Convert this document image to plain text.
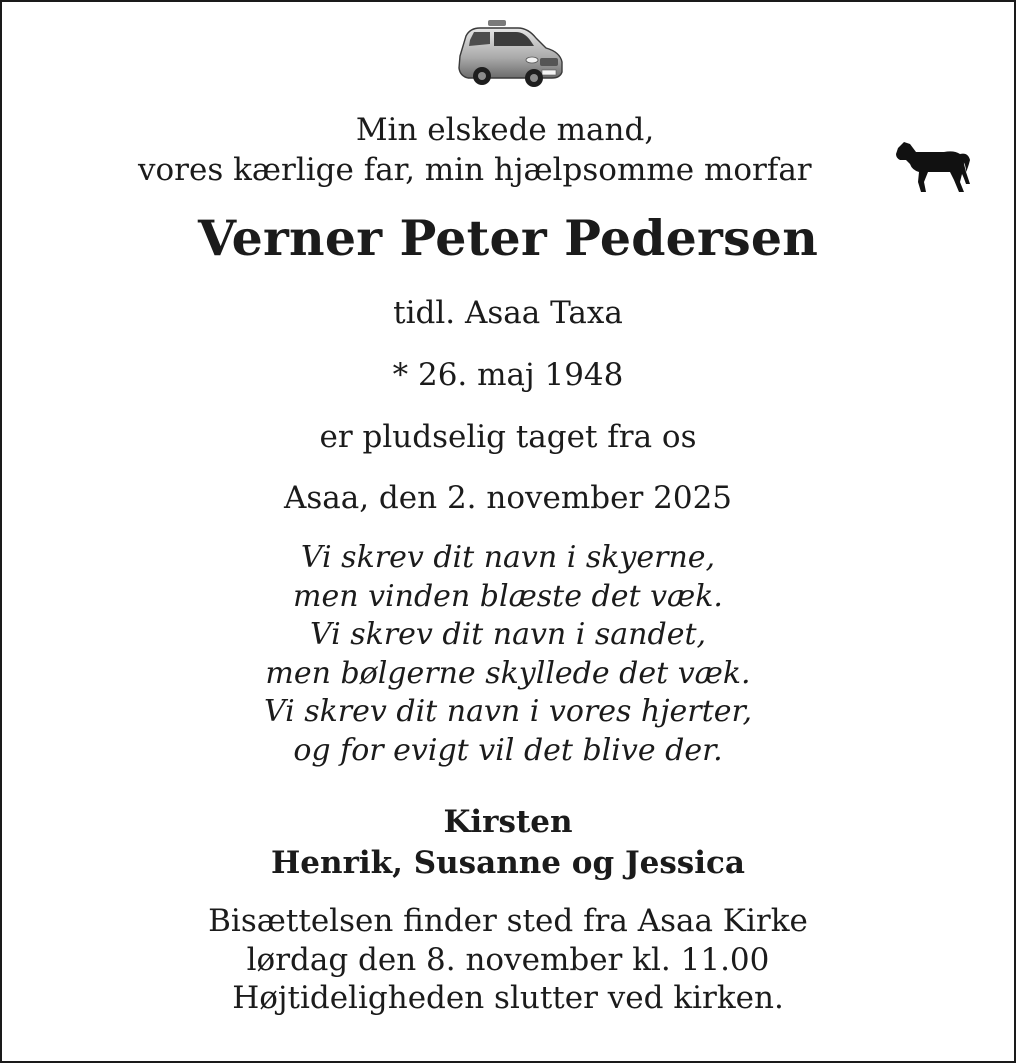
Min elskede mand,
vores kærlige far, min hjælpsomme morfar
Verner Peter Pedersen
tidl. Asaa Taxa
* 26. maj 1948
er pludselig taget fra os
Asaa, den 2. november 2025
Vi skrev dit navn i skyerne,
men vinden blæste det væk.
Vi skrev dit navn i sandet,
men bølgerne skyllede det væk.
Vi skrev dit navn i vores hjerter,
og for evigt vil det blive der.
Kirsten
Henrik, Susanne og Jessica
Bisættelsen finder sted fra Asaa Kirke
lørdag den 8. november kl. 11.00
Højtideligheden slutter ved kirken.
